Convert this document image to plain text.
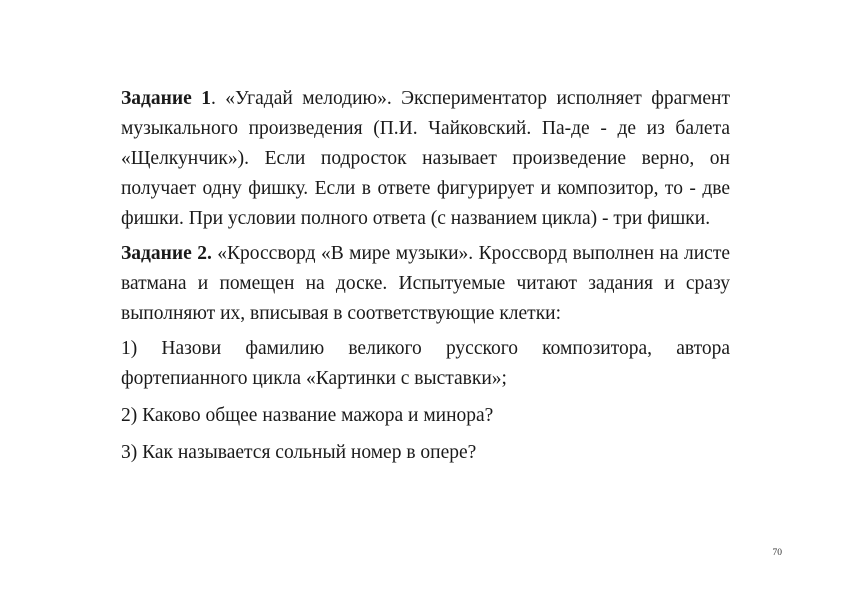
Задание 1. «Угадай мелодию». Экспериментатор исполняет фрагмент музыкального произведения (П.И. Чайковский. Па-де - де из балета «Щелкунчик»). Если подросток называет произведение верно, он получает одну фишку. Если в ответе фигурирует и композитор, то - две фишки. При условии полного ответа (с названием цикла) - три фишки.

Задание 2. «Кроссворд «В мире музыки». Кроссворд выполнен на листе ватмана и помещен на доске. Испытуемые читают задания и сразу выполняют их, вписывая в соответствующие клетки:

1) Назови фамилию великого русского композитора, автора фортепианного цикла «Картинки с выставки»;

2) Каково общее название мажора и минора?

3) Как называется сольный номер в опере?

70
